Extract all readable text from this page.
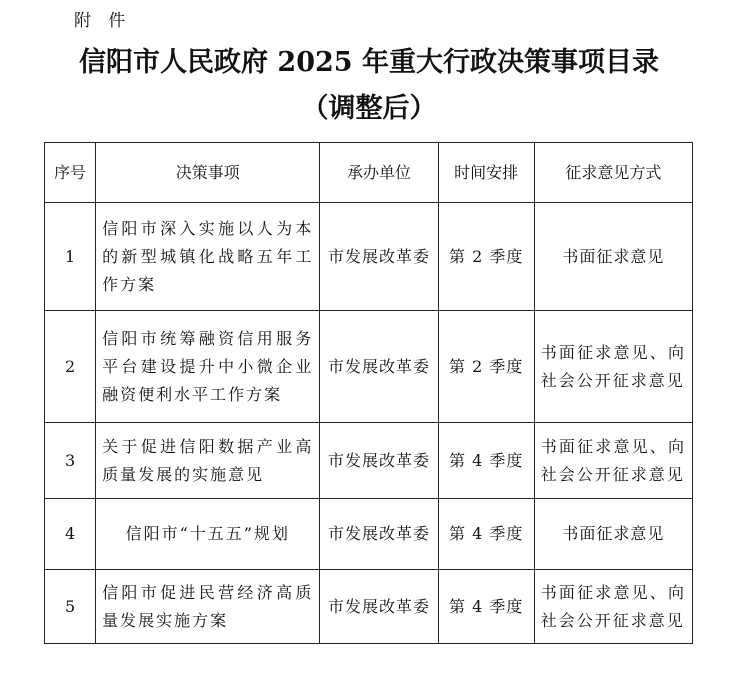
附 件
信阳市人民政府 2025 年重大行政决策事项目录
（调整后）
序号	决策事项	承办单位	时间安排	征求意见方式
1	信阳市深入实施以人为本的新型城镇化战略五年工作方案	市发展改革委	第 2 季度	书面征求意见
2	信阳市统筹融资信用服务平台建设提升中小微企业融资便利水平工作方案	市发展改革委	第 2 季度	书面征求意见、向社会公开征求意见
3	关于促进信阳数据产业高质量发展的实施意见	市发展改革委	第 4 季度	书面征求意见、向社会公开征求意见
4	信阳市“十五五”规划	市发展改革委	第 4 季度	书面征求意见
5	信阳市促进民营经济高质量发展实施方案	市发展改革委	第 4 季度	书面征求意见、向社会公开征求意见
